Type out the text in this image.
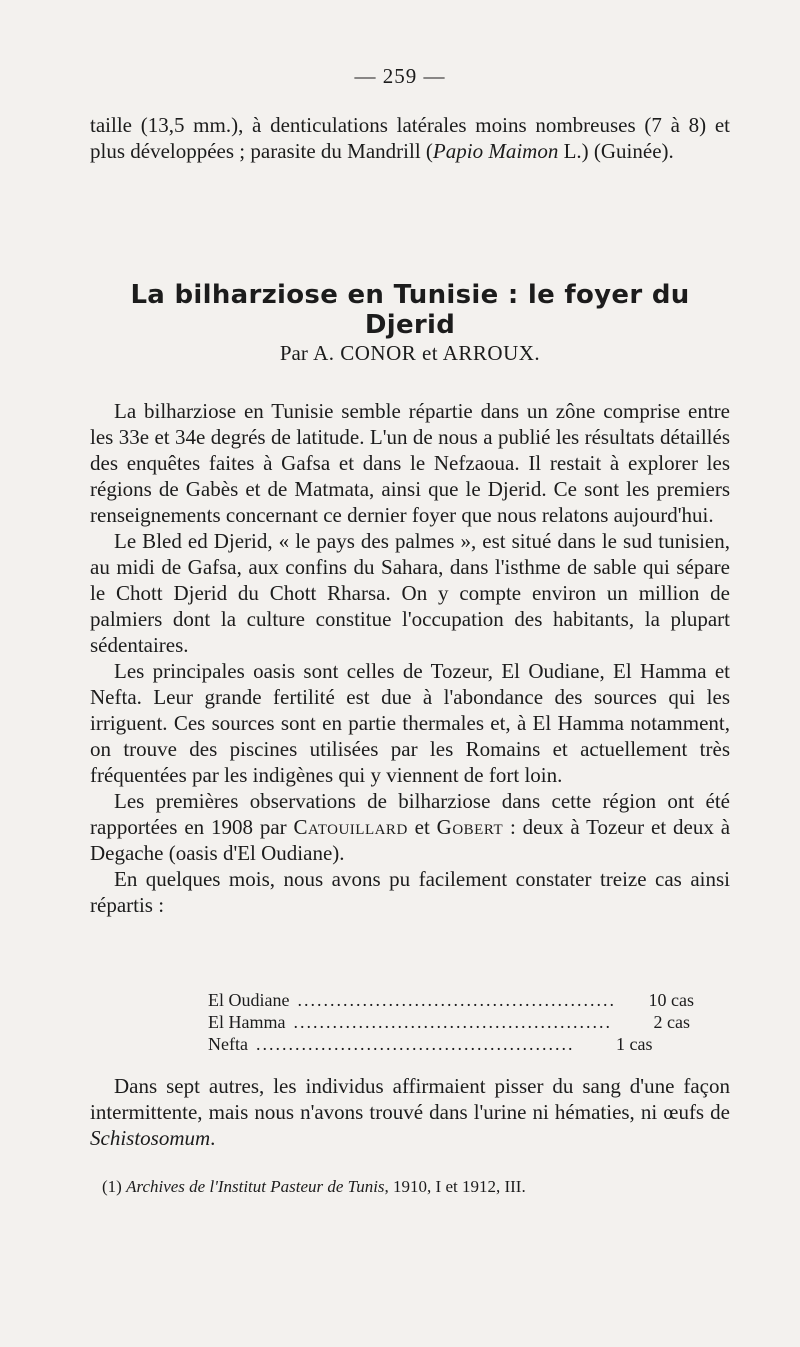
— 259 —

taille (13,5 mm.), à denticulations latérales moins nombreuses (7 à 8) et plus développées ; parasite du Mandrill (Papio Maimon L.) (Guinée).

La bilharziose en Tunisie : le foyer du Djerid
Par A. CONOR et ARROUX.

La bilharziose en Tunisie semble répartie dans un zône comprise entre les 33e et 34e degrés de latitude. L'un de nous a publié les résultats détaillés des enquêtes faites à Gafsa et dans le Nefzaoua. Il restait à explorer les régions de Gabès et de Matmata, ainsi que le Djerid. Ce sont les premiers renseignements concernant ce dernier foyer que nous relatons aujourd'hui.

Le Bled ed Djerid, « le pays des palmes », est situé dans le sud tunisien, au midi de Gafsa, aux confins du Sahara, dans l'isthme de sable qui sépare le Chott Djerid du Chott Rharsa. On y compte environ un million de palmiers dont la culture constitue l'occupation des habitants, la plupart sédentaires.

Les principales oasis sont celles de Tozeur, El Oudiane, El Hamma et Nefta. Leur grande fertilité est due à l'abondance des sources qui les irriguent. Ces sources sont en partie thermales et, à El Hamma notamment, on trouve des piscines utilisées par les Romains et actuellement très fréquentées par les indigènes qui y viennent de fort loin.

Les premières observations de bilharziose dans cette région ont été rapportées en 1908 par Catouillard et Gobert : deux à Tozeur et deux à Degache (oasis d'El Oudiane).

En quelques mois, nous avons pu facilement constater treize cas ainsi répartis :

El Oudiane .................................................	10 cas
El Hamma .................................................	2 cas
Nefta .................................................	1 cas

Dans sept autres, les individus affirmaient pisser du sang d'une façon intermittente, mais nous n'avons trouvé dans l'urine ni hématies, ni œufs de Schistosomum.

(1) Archives de l'Institut Pasteur de Tunis, 1910, I et 1912, III.
